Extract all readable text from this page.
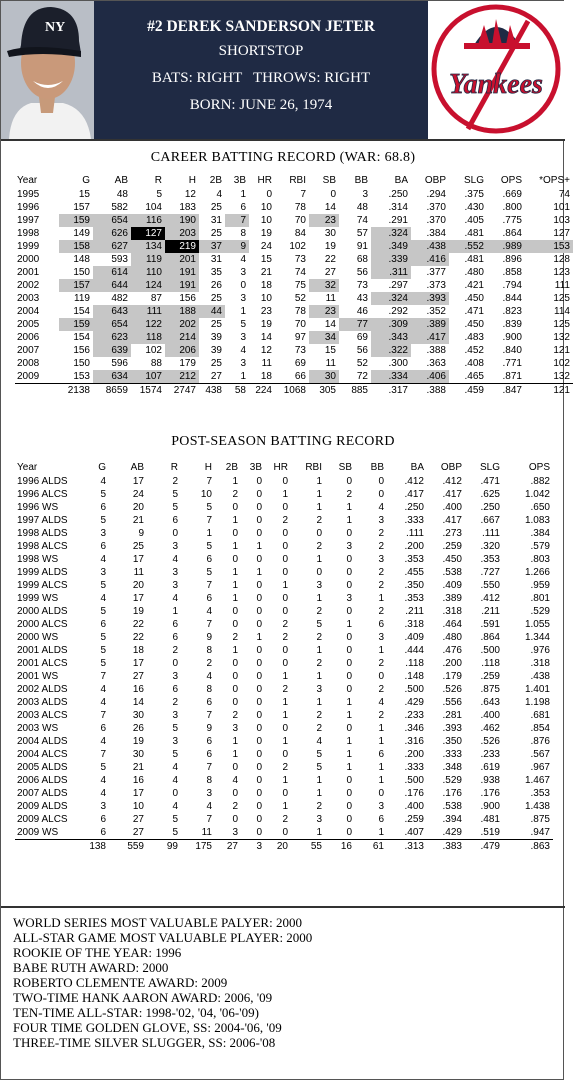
NY	#2 DEREK SANDERSON JETER
SHORTSTOP
BATS: RIGHT   THROWS: RIGHT
BORN: JUNE 26, 1974
Yankees
CAREER BATTING RECORD (WAR: 68.8)
Year	G	AB	R	H	2B	3B	HR	RBI	SB	BB	BA	OBP	SLG	OPS	*OPS+
1995	15	48	5	12	4	1	0	7	0	3	.250	.294	.375	.669	74
1996	157	582	104	183	25	6	10	78	14	48	.314	.370	.430	.800	101
1997	159	654	116	190	31	7	10	70	23	74	.291	.370	.405	.775	103
1998	149	626	127	203	25	8	19	84	30	57	.324	.384	.481	.864	127
1999	158	627	134	219	37	9	24	102	19	91	.349	.438	.552	.989	153
2000	148	593	119	201	31	4	15	73	22	68	.339	.416	.481	.896	128
2001	150	614	110	191	35	3	21	74	27	56	.311	.377	.480	.858	123
2002	157	644	124	191	26	0	18	75	32	73	.297	.373	.421	.794	111
2003	119	482	87	156	25	3	10	52	11	43	.324	.393	.450	.844	125
2004	154	643	111	188	44	1	23	78	23	46	.292	.352	.471	.823	114
2005	159	654	122	202	25	5	19	70	14	77	.309	.389	.450	.839	125
2006	154	623	118	214	39	3	14	97	34	69	.343	.417	.483	.900	132
2007	156	639	102	206	39	4	12	73	15	56	.322	.388	.452	.840	121
2008	150	596	88	179	25	3	11	69	11	52	.300	.363	.408	.771	102
2009	153	634	107	212	27	1	18	66	30	72	.334	.406	.465	.871	132
	2138	8659	1574	2747	438	58	224	1068	305	885	.317	.388	.459	.847	121
POST-SEASON BATTING RECORD
Year	G	AB	R	H	2B	3B	HR	RBI	SB	BB	BA	OBP	SLG	OPS
1996 ALDS	4	17	2	7	1	0	0	1	0	0	.412	.412	.471	.882
1996 ALCS	5	24	5	10	2	0	1	1	2	0	.417	.417	.625	1.042
1996 WS	6	20	5	5	0	0	0	1	1	4	.250	.400	.250	.650
1997 ALDS	5	21	6	7	1	0	2	2	1	3	.333	.417	.667	1.083
1998 ALDS	3	9	0	1	0	0	0	0	0	2	.111	.273	.111	.384
1998 ALCS	6	25	3	5	1	1	0	2	3	2	.200	.259	.320	.579
1998 WS	4	17	4	6	0	0	0	1	0	3	.353	.450	.353	.803
1999 ALDS	3	11	3	5	1	1	0	0	0	2	.455	.538	.727	1.266
1999 ALCS	5	20	3	7	1	0	1	3	0	2	.350	.409	.550	.959
1999 WS	4	17	4	6	1	0	0	1	3	1	.353	.389	.412	.801
2000 ALDS	5	19	1	4	0	0	0	2	0	2	.211	.318	.211	.529
2000 ALCS	6	22	6	7	0	0	2	5	1	6	.318	.464	.591	1.055
2000 WS	5	22	6	9	2	1	2	2	0	3	.409	.480	.864	1.344
2001 ALDS	5	18	2	8	1	0	0	1	0	1	.444	.476	.500	.976
2001 ALCS	5	17	0	2	0	0	0	2	0	2	.118	.200	.118	.318
2001 WS	7	27	3	4	0	0	1	1	0	0	.148	.179	.259	.438
2002 ALDS	4	16	6	8	0	0	2	3	0	2	.500	.526	.875	1.401
2003 ALDS	4	14	2	6	0	0	1	1	1	4	.429	.556	.643	1.198
2003 ALCS	7	30	3	7	2	0	1	2	1	2	.233	.281	.400	.681
2003 WS	6	26	5	9	3	0	0	2	0	1	.346	.393	.462	.854
2004 ALDS	4	19	3	6	1	0	1	4	1	1	.316	.350	.526	.876
2004 ALCS	7	30	5	6	1	0	0	5	1	6	.200	.333	.233	.567
2005 ALDS	5	21	4	7	0	0	2	5	1	1	.333	.348	.619	.967
2006 ALDS	4	16	4	8	4	0	1	1	0	1	.500	.529	.938	1.467
2007 ALDS	4	17	0	3	0	0	0	1	0	0	.176	.176	.176	.353
2009 ALDS	3	10	4	4	2	0	1	2	0	3	.400	.538	.900	1.438
2009 ALCS	6	27	5	7	0	0	2	3	0	6	.259	.394	.481	.875
2009 WS	6	27	5	11	3	0	0	1	0	1	.407	.429	.519	.947
	138	559	99	175	27	3	20	55	16	61	.313	.383	.479	.863
WORLD SERIES MOST VALUABLE PALYER: 2000
ALL-STAR GAME MOST VALUABLE PLAYER: 2000
ROOKIE OF THE YEAR: 1996
BABE RUTH AWARD: 2000
ROBERTO CLEMENTE AWARD: 2009
TWO-TIME HANK AARON AWARD: 2006, '09
TEN-TIME ALL-STAR: 1998-'02, '04, '06-'09)
FOUR TIME GOLDEN GLOVE, SS: 2004-'06, '09
THREE-TIME SILVER SLUGGER, SS: 2006-'08
